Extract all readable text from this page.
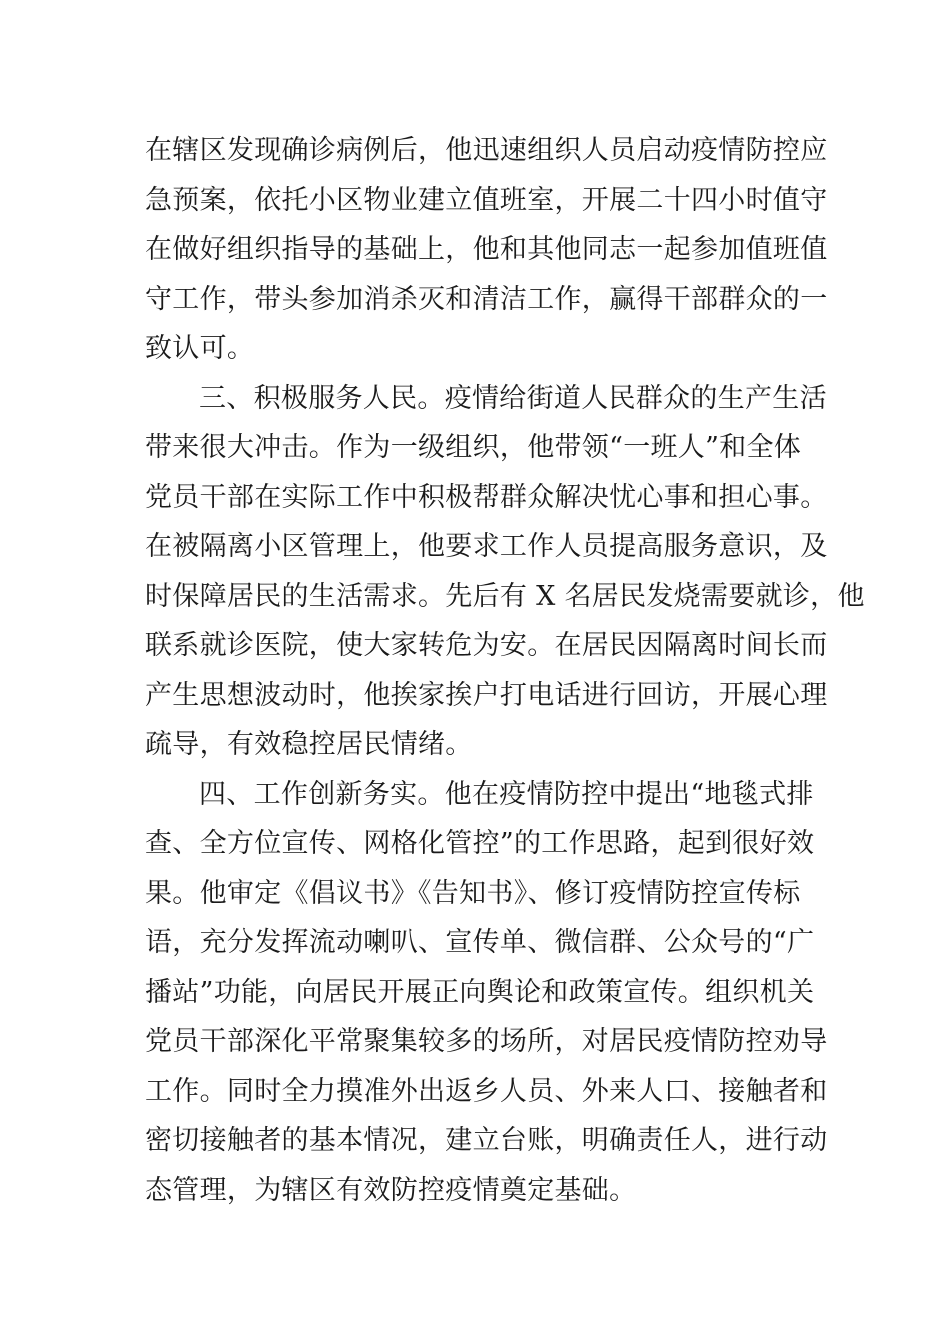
在辖区发现确诊病例后，他迅速组织人员启动疫情防控应
急预案，依托小区物业建立值班室，开展二十四小时值守
在做好组织指导的基础上，他和其他同志一起参加值班值
守工作，带头参加消杀灭和清洁工作，赢得干部群众的一
致认可。
三、积极服务人民。疫情给街道人民群众的生产生活
带来很大冲击。作为一级组织，他带领“一班人”和全体
党员干部在实际工作中积极帮群众解决忧心事和担心事。
在被隔离小区管理上，他要求工作人员提高服务意识，及
时保障居民的生活需求。先后有 X 名居民发烧需要就诊，他
联系就诊医院，使大家转危为安。在居民因隔离时间长而
产生思想波动时，他挨家挨户打电话进行回访，开展心理
疏导，有效稳控居民情绪。
四、工作创新务实。他在疫情防控中提出“地毯式排
查、全方位宣传、网格化管控”的工作思路，起到很好效
果。他审定《倡议书》《告知书》、修订疫情防控宣传标
语，充分发挥流动喇叭、宣传单、微信群、公众号的“广
播站”功能，向居民开展正向舆论和政策宣传。组织机关
党员干部深化平常聚集较多的场所，对居民疫情防控劝导
工作。同时全力摸准外出返乡人员、外来人口、接触者和
密切接触者的基本情况，建立台账，明确责任人，进行动
态管理，为辖区有效防控疫情奠定基础。
